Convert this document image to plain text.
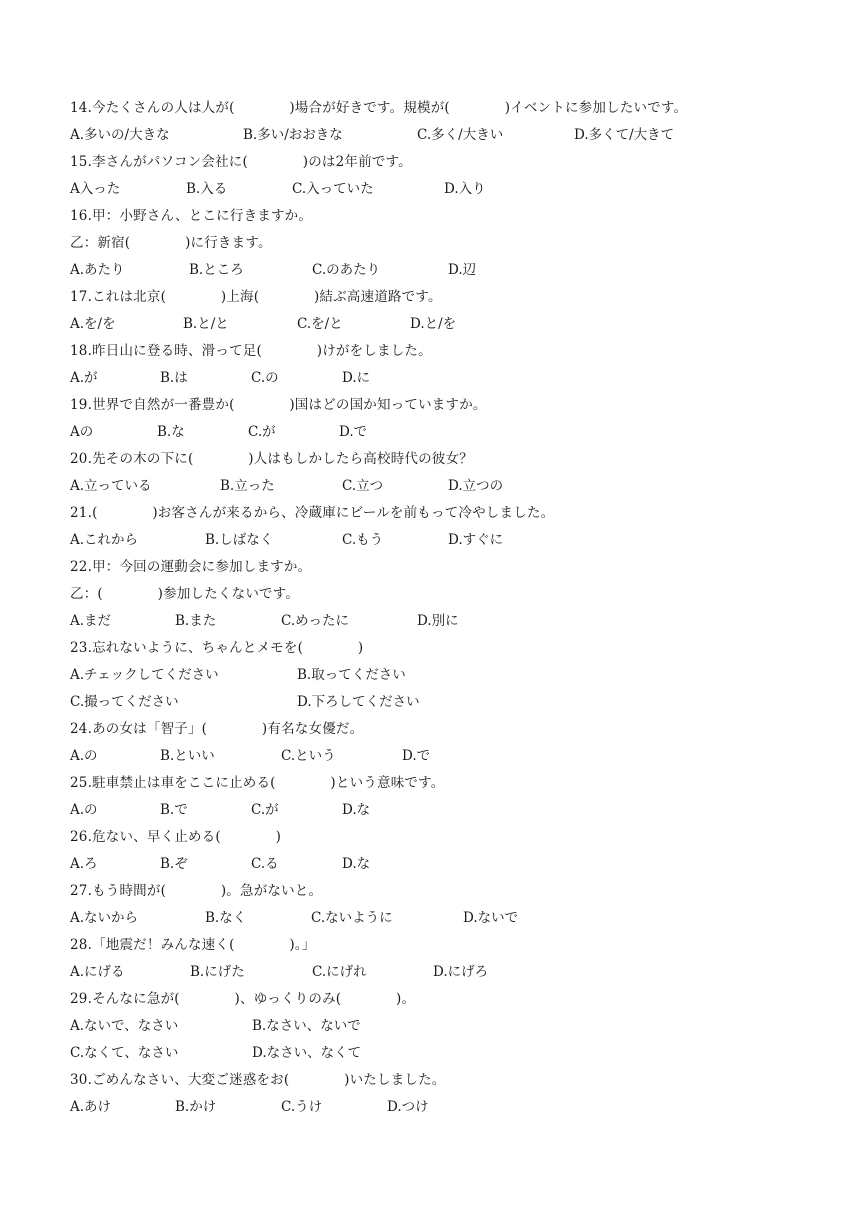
14.今たくさんの人は人が(　　　　)場合が好きです。規模が(　　　　)イベントに参加したいです。
A.多いの/大きな	B.多い/おおきな	C.多く/大きい	D.多くて/大きて
15.李さんがパソコン会社に(　　　　)のは2年前です。
A入った	B.入る	C.入っていた	D.入り
16.甲：小野さん、とこに行きますか。
乙：新宿(　　　　)に行きます。
A.あたり	B.ところ	C.のあたり	D.辺
17.これは北京(　　　　)上海(　　　　)結ぶ高速道路です。
A.を/を	B.と/と	C.を/と	D.と/を
18.昨日山に登る時、滑って足(　　　　)けがをしました。
A.が	B.は	C.の	D.に
19.世界で自然が一番豊か(　　　　)国はどの国か知っていますか。
Aの	B.な	C.が	D.で
20.先その木の下に(　　　　)人はもしかしたら高校時代の彼女？
A.立っている	B.立った	C.立つ	D.立つの
21.(　　　　)お客さんが来るから、冷蔵庫にビールを前もって冷やしました。
A.これから	B.しばなく	C.もう	D.すぐに
22.甲：今回の運動会に参加しますか。
乙：(　　　　)参加したくないです。
A.まだ	B.また	C.めったに	D.別に
23.忘れないように、ちゃんとメモを(　　　　)
A.チェックしてください	B.取ってください
C.撮ってください	D.下ろしてください
24.あの女は「智子」(　　　　)有名な女優だ。
A.の	B.といい	C.という	D.で
25.駐車禁止は車をここに止める(　　　　)という意味です。
A.の	B.で	C.が	D.な
26.危ない、早く止める(　　　　)
A.ろ	B.ぞ	C.る	D.な
27.もう時間が(　　　　)。急がないと。
A.ないから	B.なく	C.ないように	D.ないで
28.「地震だ！みんな速く(　　　　)。」
A.にげる	B.にげた	C.にげれ	D.にげろ
29.そんなに急が(　　　　)、ゆっくりのみ(　　　　)。
A.ないで、なさい	B.なさい、ないで
C.なくて、なさい	D.なさい、なくて
30.ごめんなさい、大変ご迷惑をお(　　　　)いたしました。
A.あけ	B.かけ	C.うけ	D.つけ
